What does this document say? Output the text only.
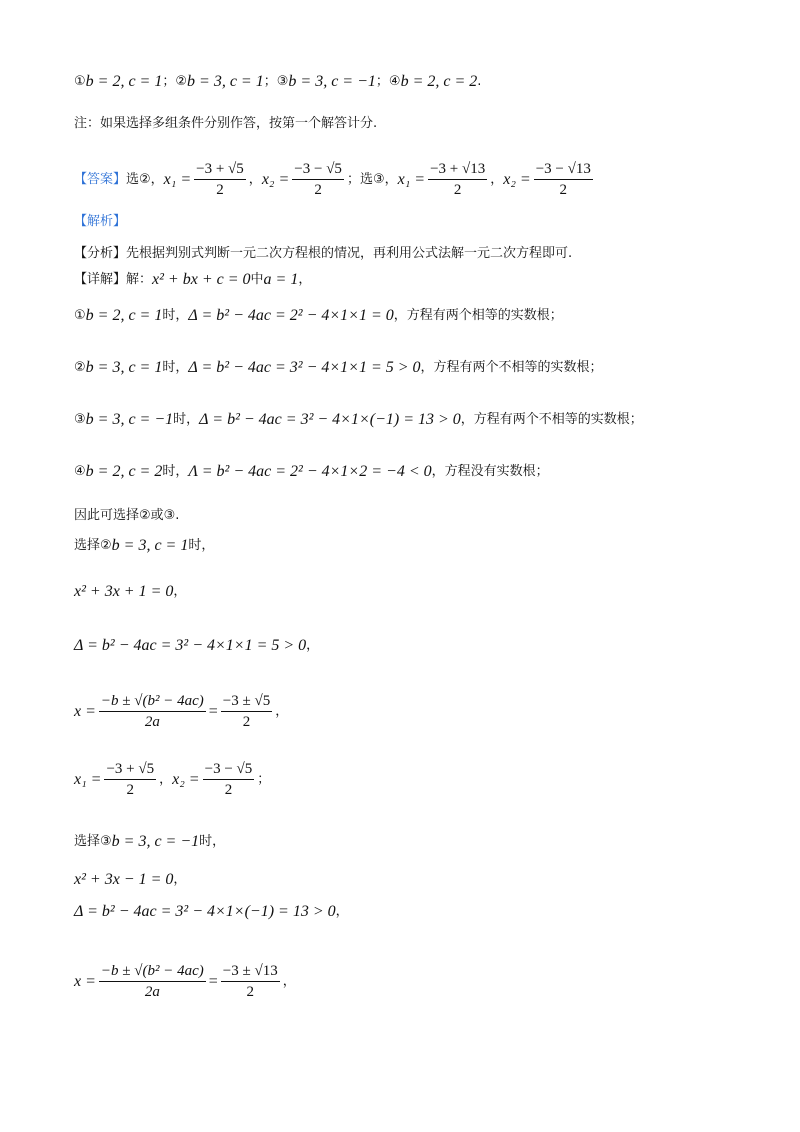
① b = 2, c = 1 ； ② b = 3, c = 1 ； ③ b = 3, c = −1 ； ④ b = 2, c = 2 .
注：如果选择多组条件分别作答，按第一个解答计分.
【答案】 选②， $x_1 = \frac{-3 + √5}{2}$ ， $x_2 = \frac{-3 - √5}{2}$ ； 选③， $x_1 = \frac{-3 + √13}{2}$ ， $x_2 = \frac{-3 - √13}{2}$
【解析】
【分析】 先根据判别式判断一元二次方程根的情况，再利用公式法解一元二次方程即可.
【详解】 解： x² + bx + c = 0 中 a = 1 ，
① b = 2, c = 1 时， Δ = b² − 4ac = 2² − 4×1×1 = 0 ，方程有两个相等的实数根；
② b = 3, c = 1 时， Δ = b² − 4ac = 3² − 4×1×1 = 5 > 0 ，方程有两个不相等的实数根；
③ b = 3, c = −1 时， Δ = b² − 4ac = 3² − 4×1×(−1) = 13 > 0 ，方程有两个不相等的实数根；
④ b = 2, c = 2 时， Λ = b² − 4ac = 2² − 4×1×2 = −4 < 0 ，方程没有实数根；
因此可选择②或③.
选择② b = 3, c = 1 时，
x² + 3x + 1 = 0 ，
Δ = b² − 4ac = 3² − 4×1×1 = 5 > 0 ，
$x = \frac{\text{−b ± √(b² − 4ac)}}{2a} = \frac{-3 \pm √5}{2}$ ，
$x_1 = \frac{-3 + √5}{2}$ ， $x_2 = \frac{-3 - √5}{2}$ ；
选择③ b = 3, c = −1 时，
x² + 3x − 1 = 0 ，
Δ = b² − 4ac = 3² − 4×1×(−1) = 13 > 0 ，
$x = \frac{\text{−b ± √(b² − 4ac)}}{2a} = \frac{-3 \pm √13}{2}$ ，
